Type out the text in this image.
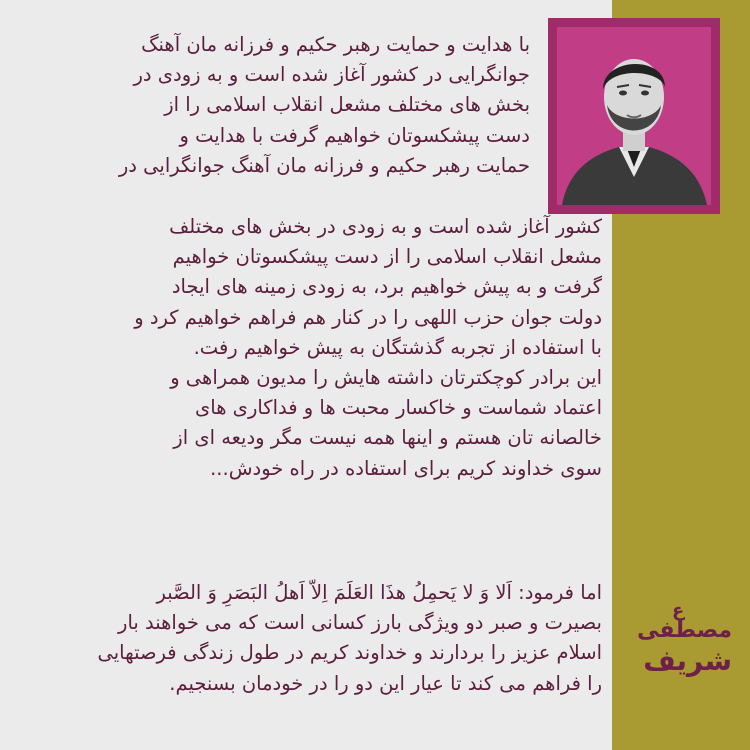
ع
مصطفی
شریف

با هدایت و حمایت رهبر حکیم و فرزانه مان آهنگ

جوانگرایی در کشور آغاز شده است و به زودی در

بخش های مختلف مشعل انقلاب اسلامی را از

دست پیشکسوتان خواهیم گرفت با هدایت و

حمایت رهبر حکیم و فرزانه مان آهنگ جوانگرایی در

کشور آغاز شده است و به زودی در بخش های مختلف

مشعل انقلاب اسلامی را از دست پیشکسوتان خواهیم

گرفت و به پیش خواهیم برد، به زودی زمینه های ایجاد

دولت جوان حزب اللهی را در کنار هم فراهم خواهیم کرد و

با استفاده از تجربه گذشتگان به پیش خواهیم رفت.

این برادر کوچکترتان داشته هایش را مدیون همراهی و

اعتماد شماست و خاکسار محبت ها و فداکاری های

خالصانه تان هستم و اینها همه نیست مگر ودیعه ای از

سوی خداوند کریم برای استفاده در راه خودش...

اما فرمود: اَلا وَ لا یَحمِلُ هذَا العَلَمَ اِلاّ اَهلُ البَصَرِ وَ الصَّبر

بصیرت و صبر دو ویژگی بارز کسانی است که می خواهند بار

اسلام عزیز را بردارند و خداوند کریم در طول زندگی فرصتهایی

را فراهم می کند تا عیار این دو را در خودمان بسنجیم.
